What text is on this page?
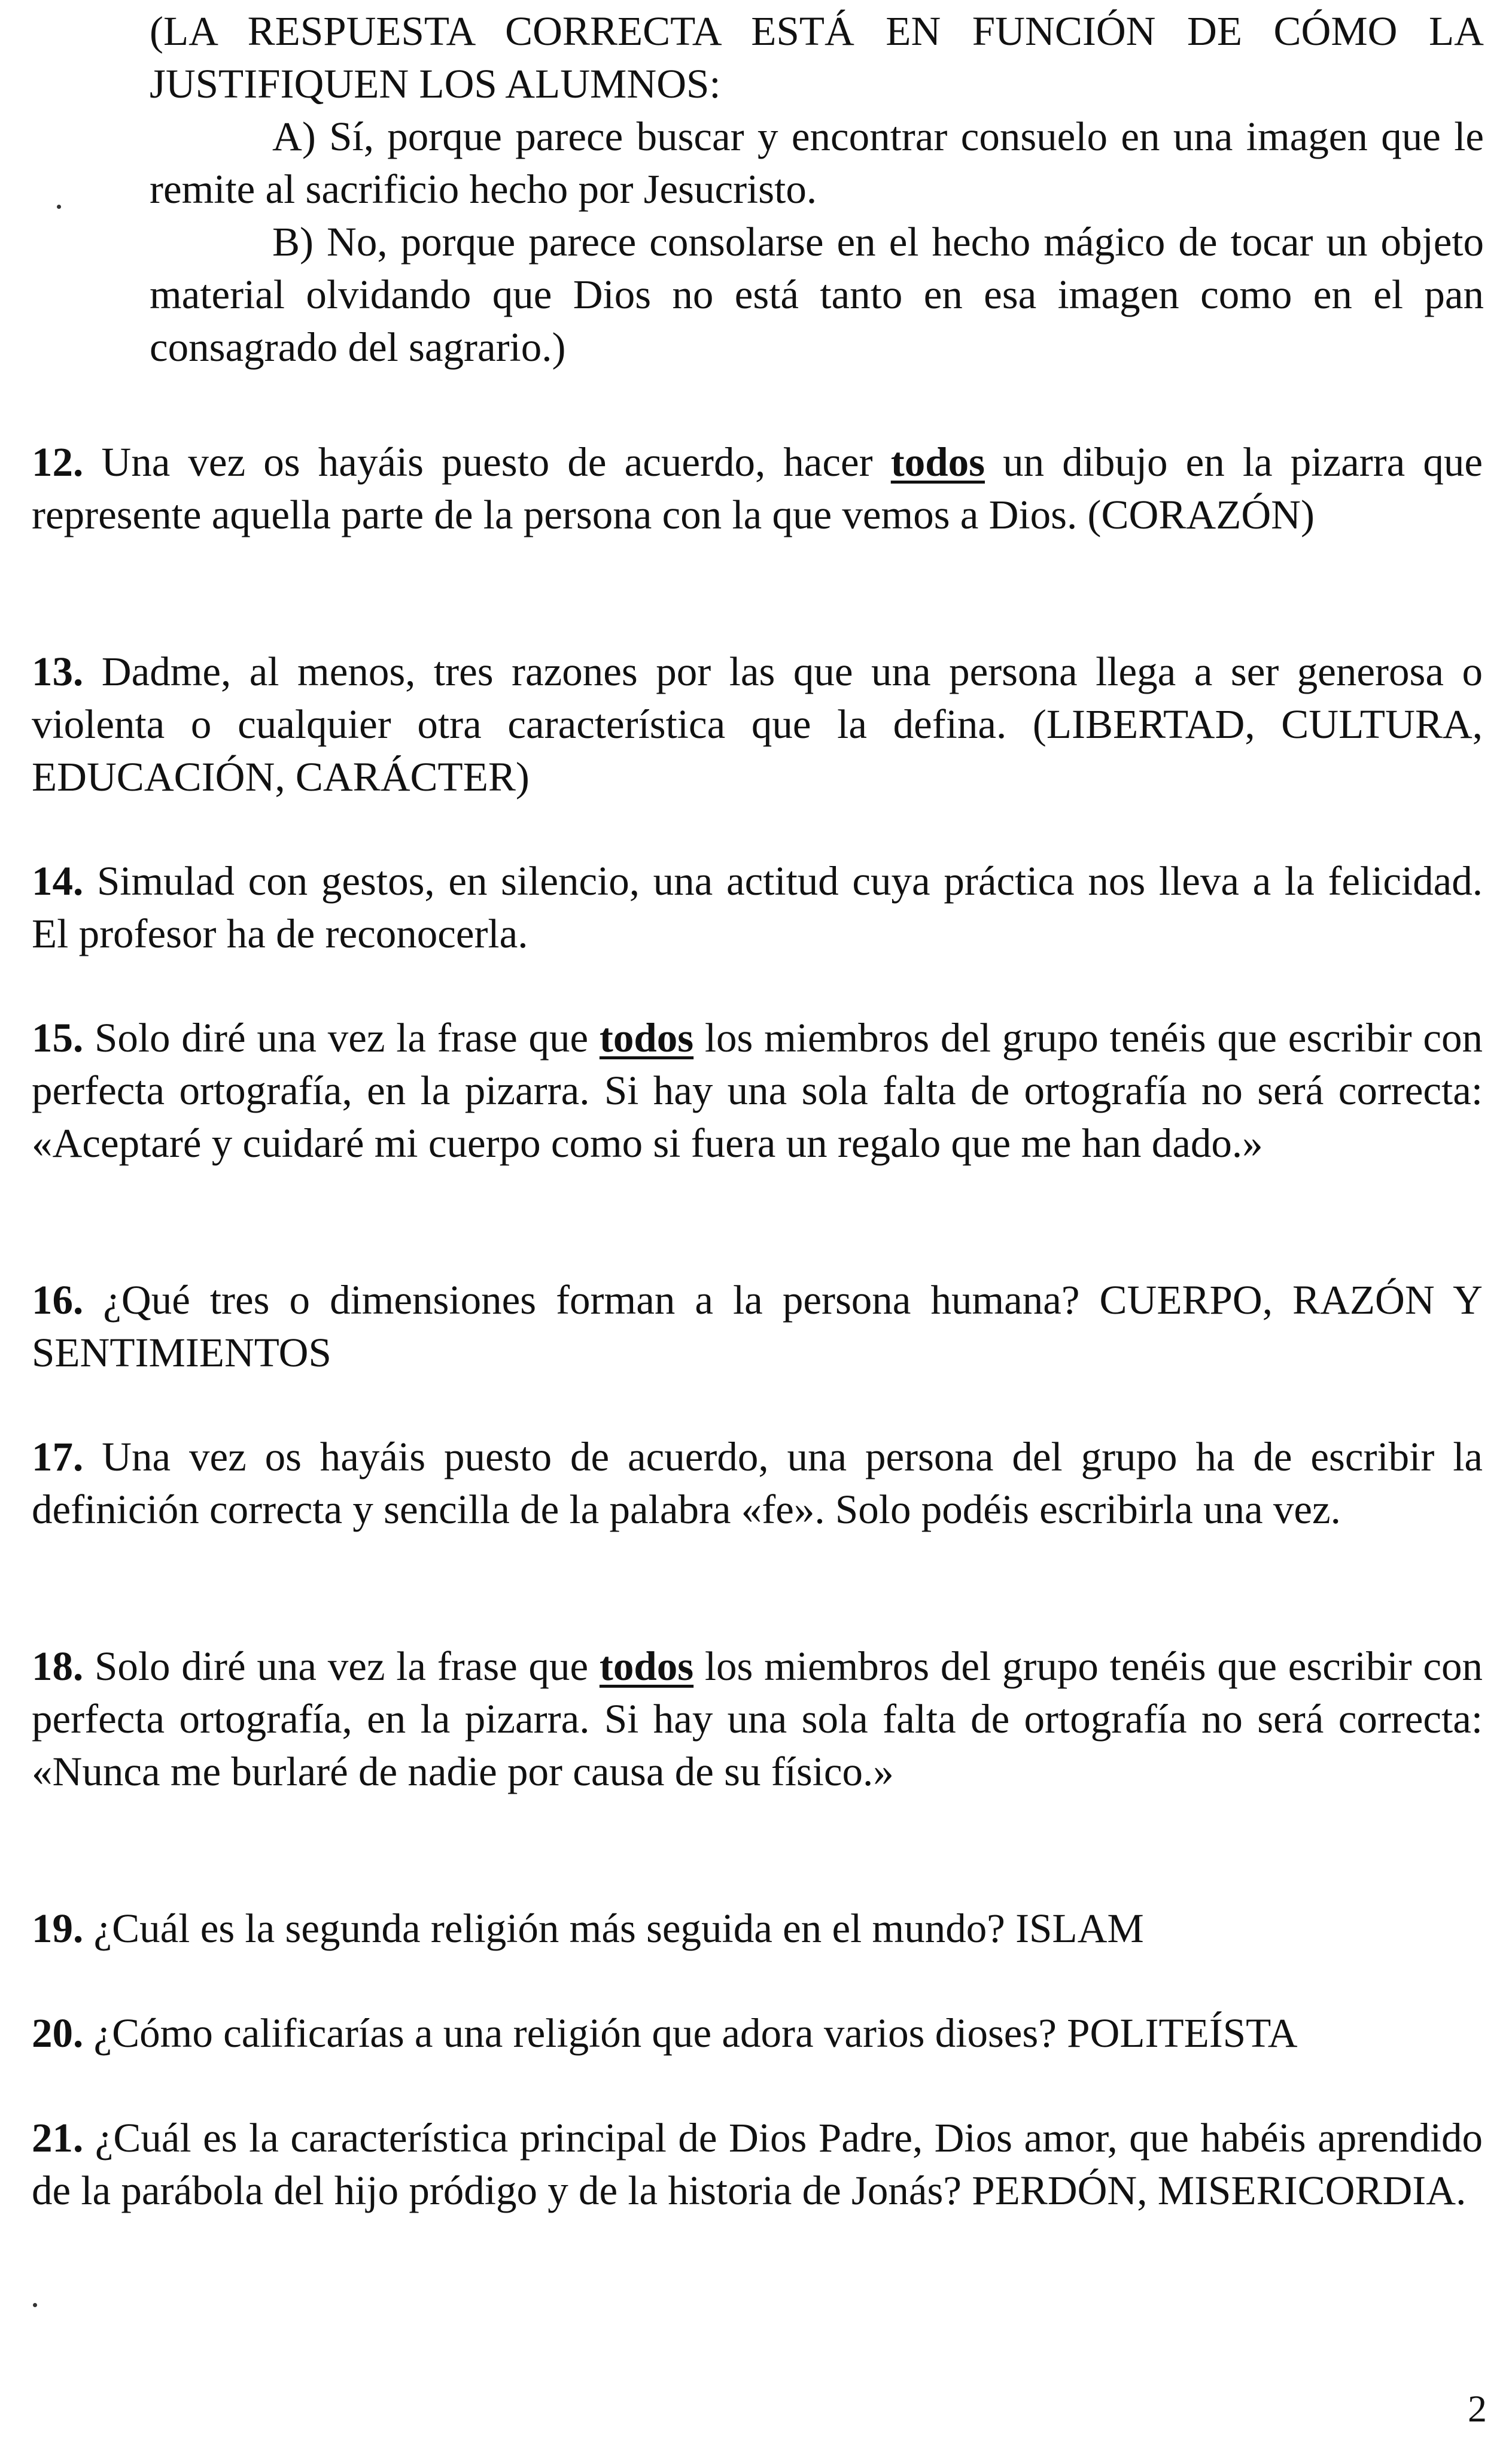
(LA RESPUESTA CORRECTA ESTÁ EN FUNCIÓN DE CÓMO LA JUSTIFIQUEN LOS ALUMNOS:
A) Sí, porque parece buscar y encontrar consuelo en una imagen que le remite al sacrificio hecho por Jesucristo.
B) No, porque parece consolarse en el hecho mágico de tocar un objeto material olvidando que Dios no está tanto en esa imagen como en el pan consagrado del sagrario.)

12. Una vez os hayáis puesto de acuerdo, hacer todos un dibujo en la pizarra que represente aquella parte de la persona con la que vemos a Dios. (CORAZÓN)

13. Dadme, al menos, tres razones por las que una persona llega a ser generosa o violenta o cualquier otra característica que la defina. (LIBERTAD, CULTURA, EDUCACIÓN, CARÁCTER)

14. Simulad con gestos, en silencio, una actitud cuya práctica nos lleva a la felicidad. El profesor ha de reconocerla.

15. Solo diré una vez la frase que todos los miembros del grupo tenéis que escribir con perfecta ortografía, en la pizarra. Si hay una sola falta de ortografía no será correcta: «Aceptaré y cuidaré mi cuerpo como si fuera un regalo que me han dado.»

16. ¿Qué tres o dimensiones forman a la persona humana? CUERPO, RAZÓN Y SENTIMIENTOS

17. Una vez os hayáis puesto de acuerdo, una persona del grupo ha de escribir la definición correcta y sencilla de la palabra «fe». Solo podéis escribirla una vez.

18. Solo diré una vez la frase que todos los miembros del grupo tenéis que escribir con perfecta ortografía, en la pizarra. Si hay una sola falta de ortografía no será correcta: «Nunca me burlaré de nadie por causa de su físico.»

19. ¿Cuál es la segunda religión más seguida en el mundo? ISLAM

20. ¿Cómo calificarías a una religión que adora varios dioses? POLITEÍSTA

21. ¿Cuál es la característica principal de Dios Padre, Dios amor, que habéis aprendido de la parábola del hijo pródigo y de la historia de Jonás? PERDÓN, MISERICORDIA.

2
